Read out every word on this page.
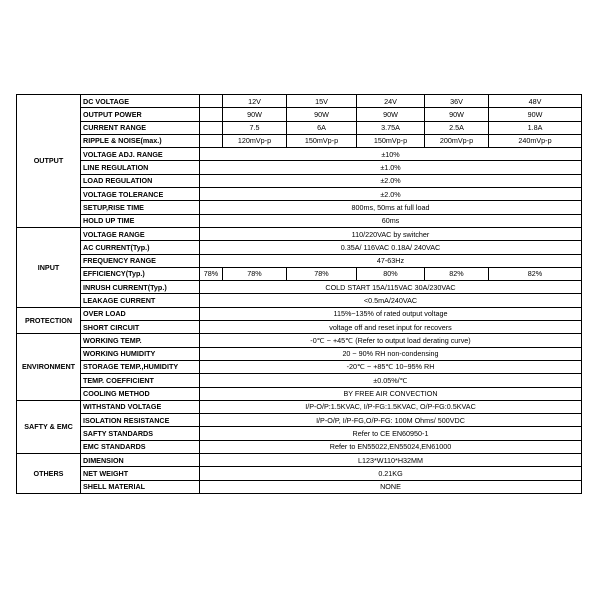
OUTPUT	DC VOLTAGE		12V	15V	24V	36V	48V
	OUTPUT POWER		90W	90W	90W	90W	90W
	CURRENT RANGE		7.5	6A	3.75A	2.5A	1.8A
	RIPPLE & NOISE(max.)		120mVp-p	150mVp-p	150mVp-p	200mVp-p	240mVp-p
	VOLTAGE ADJ. RANGE	±10%					
	LINE REGULATION	±1.0%					
	LOAD REGULATION	±2.0%					
	VOLTAGE TOLERANCE	±2.0%					
	SETUP,RISE TIME	800ms, 50ms at full load					
	HOLD UP TIME	60ms					
INPUT	VOLTAGE RANGE	110/220VAC by switcher					
	AC CURRENT(Typ.)	0.35A/ 116VAC 0.18A/ 240VAC					
	FREQUENCY RANGE	47-63Hz					
	EFFICIENCY(Typ.)	78%	78%	78%	80%	82%	82%
	INRUSH CURRENT(Typ.)	COLD START 15A/115VAC 30A/230VAC					
	LEAKAGE CURRENT	<0.5mA/240VAC					
PROTECTION	OVER LOAD	115%~135% of rated output voltage					
	SHORT CIRCUIT	voltage off and reset input for recovers					
ENVIRONMENT	WORKING TEMP.	-0℃ ~ +45℃ (Refer to output load derating curve)					
	WORKING HUMIDITY	20 ~ 90% RH non-condensing					
	STORAGE TEMP.,HUMIDITY	-20℃ ~ +85℃ 10~95% RH					
	TEMP. COEFFICIENT	±0.05%/℃					
	COOLING METHOD	BY FREE AIR CONVECTION					
SAFTY & EMC	WITHSTAND VOLTAGE	I/P-O/P:1.5KVAC, I/P-FG:1.5KVAC, O/P-FG:0.5KVAC					
	ISOLATION RESISTANCE	I/P-O/P, I/P-FG,O/P-FG: 100M Ohms/ 500VDC					
	SAFTY STANDARDS	Refer to CE EN60950-1					
	EMC STANDARDS	Refer to EN55022,EN55024,EN61000					
OTHERS	DIMENSION	L123*W110*H32MM					
	NET WEIGHT	0.21KG					
	SHELL MATERIAL	NONE					
